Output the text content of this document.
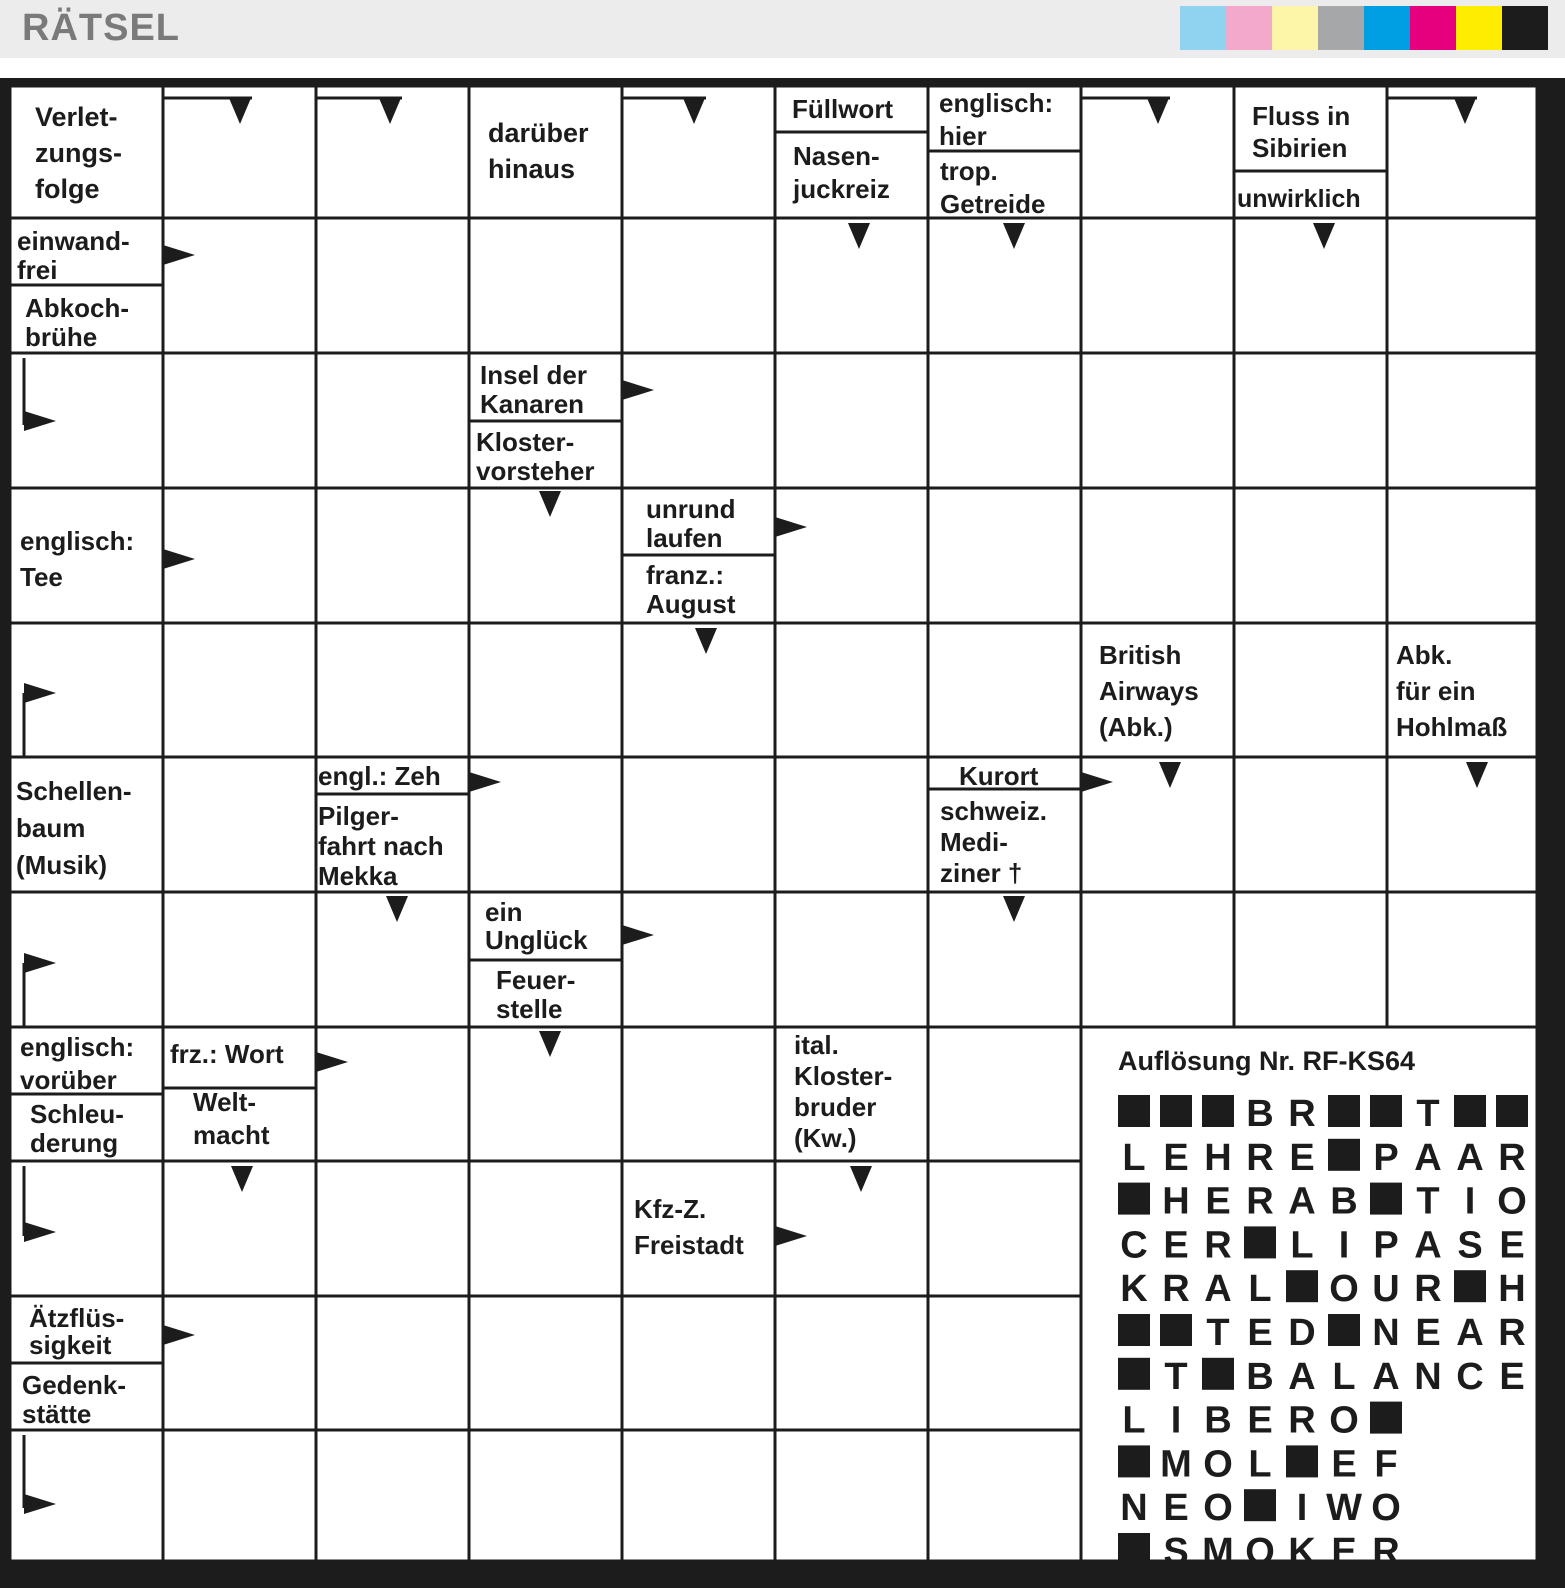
RÄTSEL
Verlet-zungs-folge
darüber hinaus
Füllwort
Nasen-juckreiz
englisch: hier
trop. Getreide
Fluss in Sibirien
unwirklich
einwand-frei
Abkoch-brühe
Insel der Kanaren
Kloster-vorsteher
englisch: Tee
unrund laufen
franz.: August
British Airways (Abk.)
Abk. für ein Hohlmaß
Schellen-baum (Musik)
engl.: Zeh
Pilger-fahrt nach Mekka
Kurort
schweiz. Medi-ziner †
ein Unglück
Feuer-stelle
englisch: vorüber
Schleu-derung
frz.: Wort
Welt-macht
ital. Kloster-bruder (Kw.)
Kfz-Z. Freistadt
Ätzflüs-sigkeit
Gedenk-stätte
Auflösung Nr. RF-KS64
B R	T
L E H R E P A A R
H E R A B T I O
C E R L I P A S E
K R A L O U R H
T E D N E A R
T B A L A N C E
L I B E R O
M O L E F
N E O I W O
S M O K E R
RF-KS65
